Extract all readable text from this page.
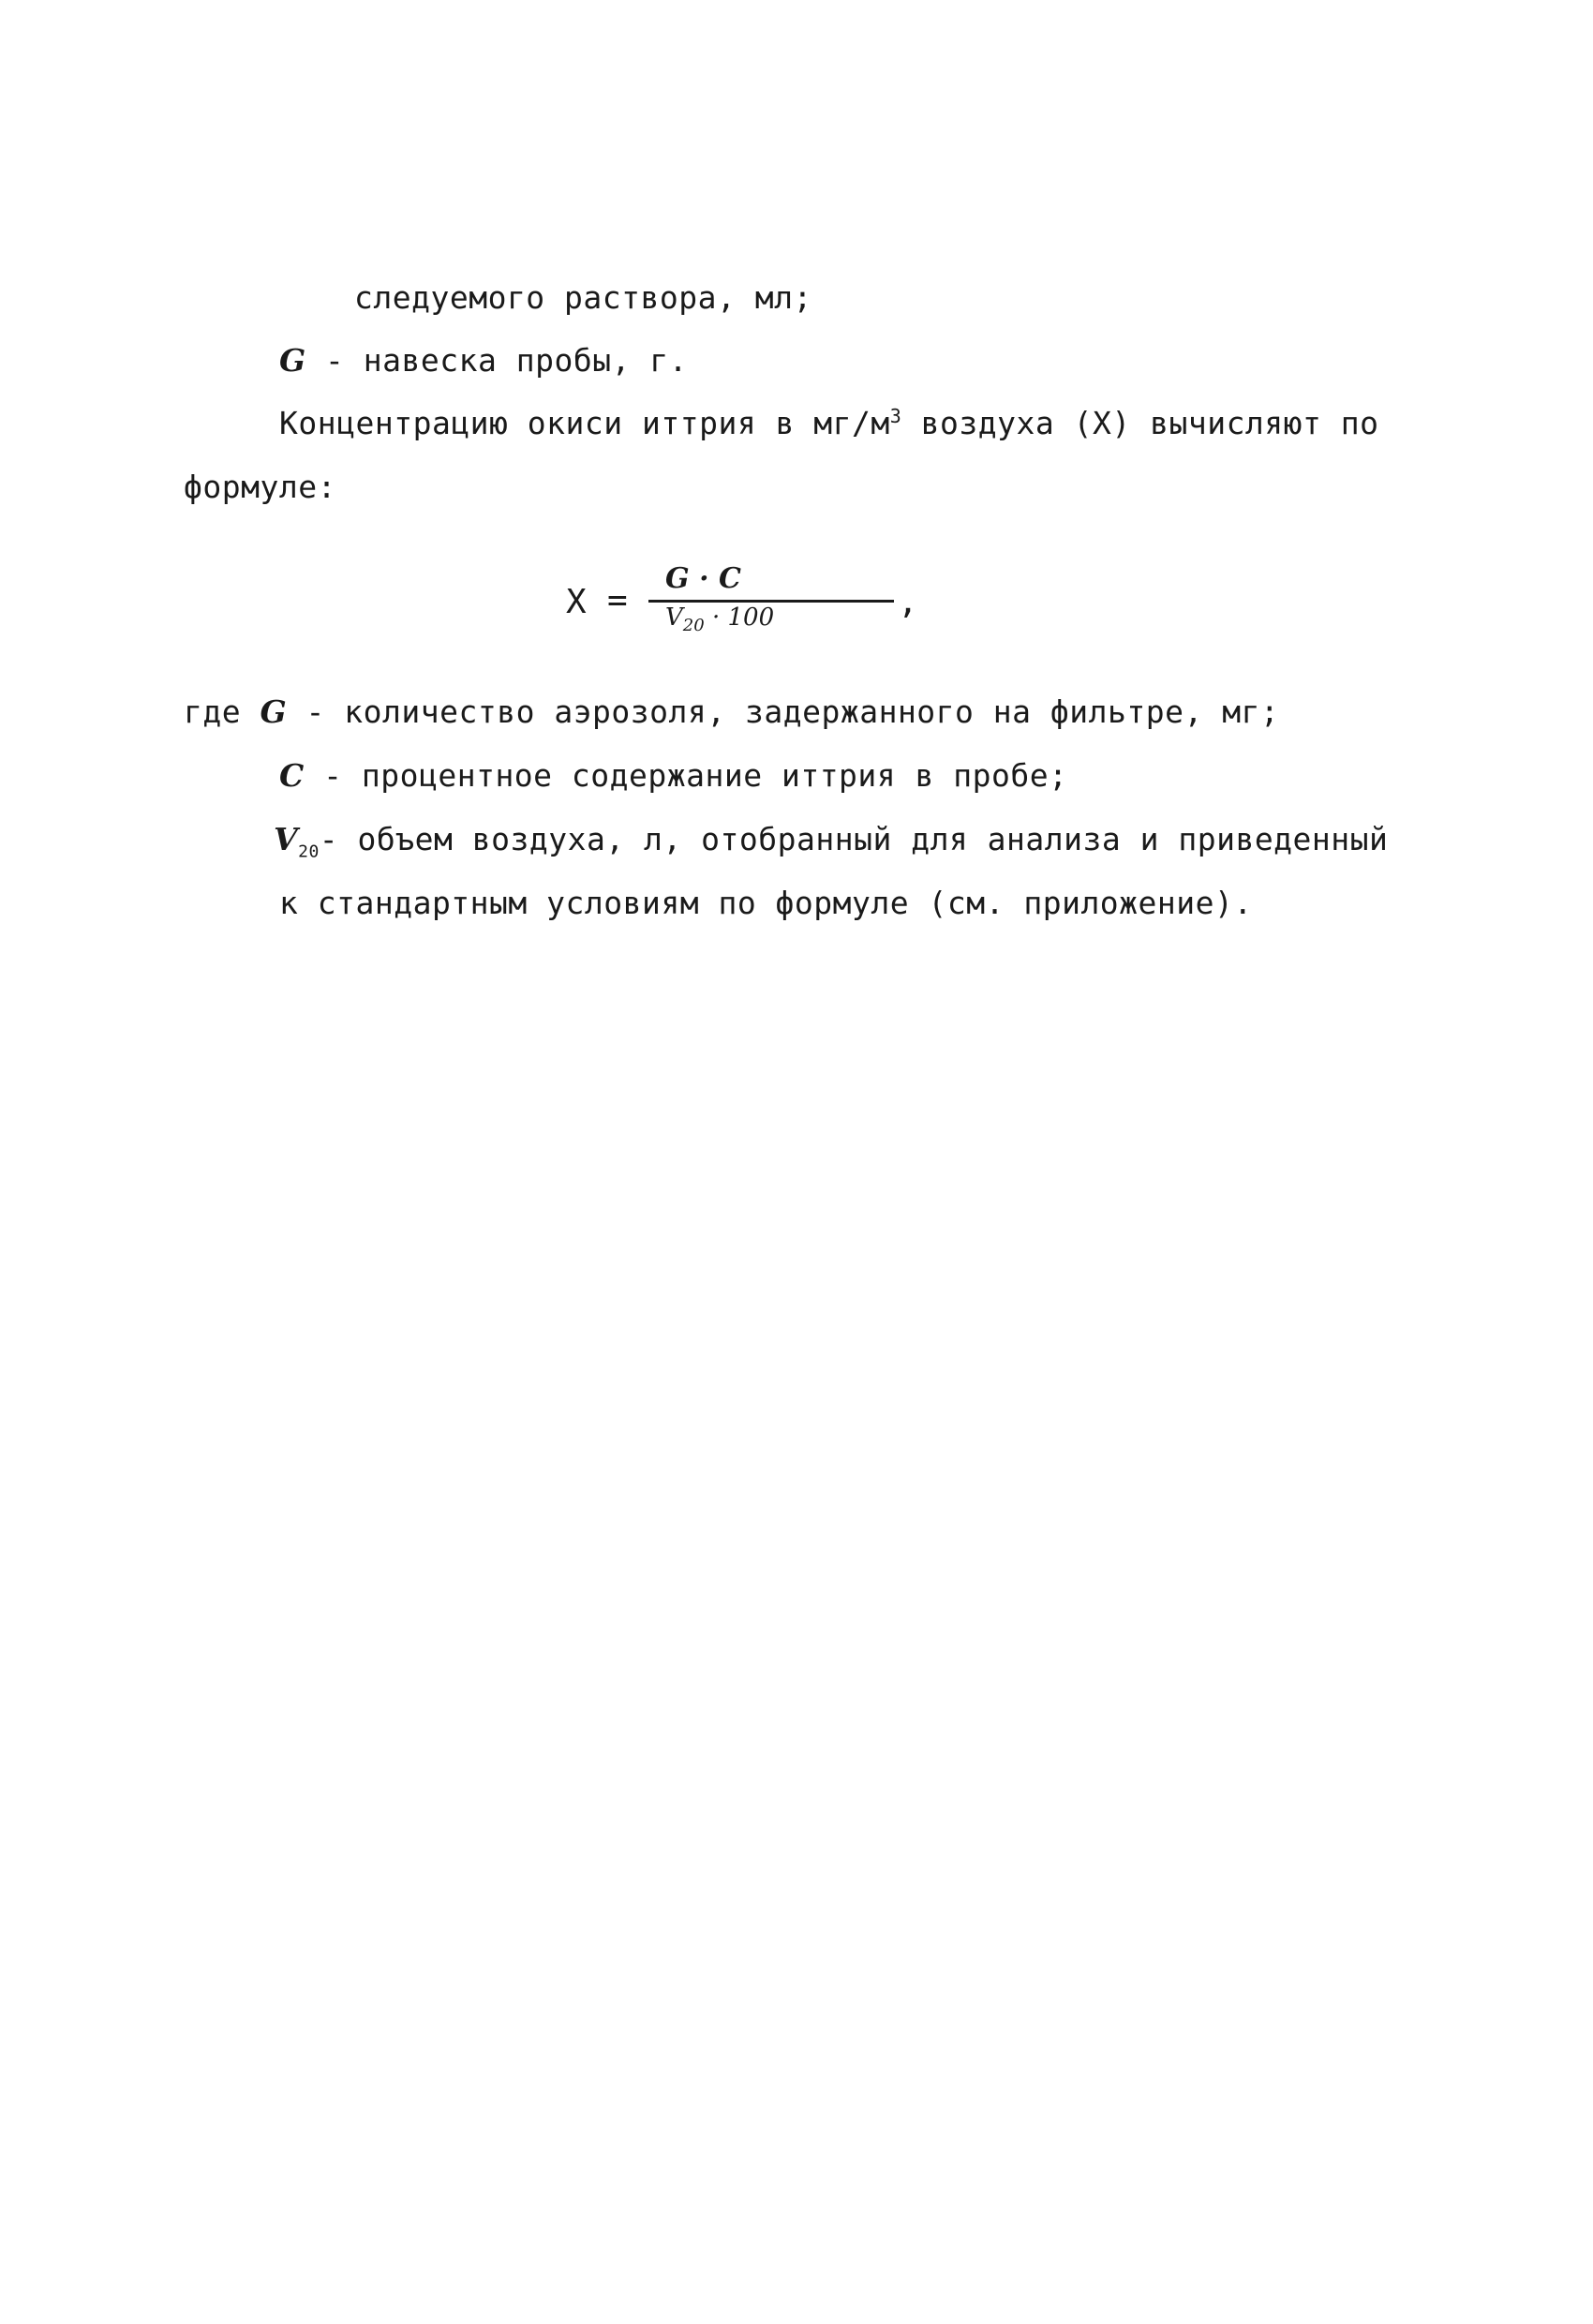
следуемого раствора, мл;
G - навеска пробы, г.
Концентрацию окиси иттрия в $мг/м^3$ воздуха (X) вычисляют по
формуле:
X =
G · C
$V_{20} \cdot 100$	,
где G - количество аэрозоля, задержанного на фильтре, мг;
C - процентное содержание иттрия в пробе;
$V_{20}-$ объем воздуха, л, отобранный для анализа и приведенный
к стандартным условиям по формуле (см. приложение).
